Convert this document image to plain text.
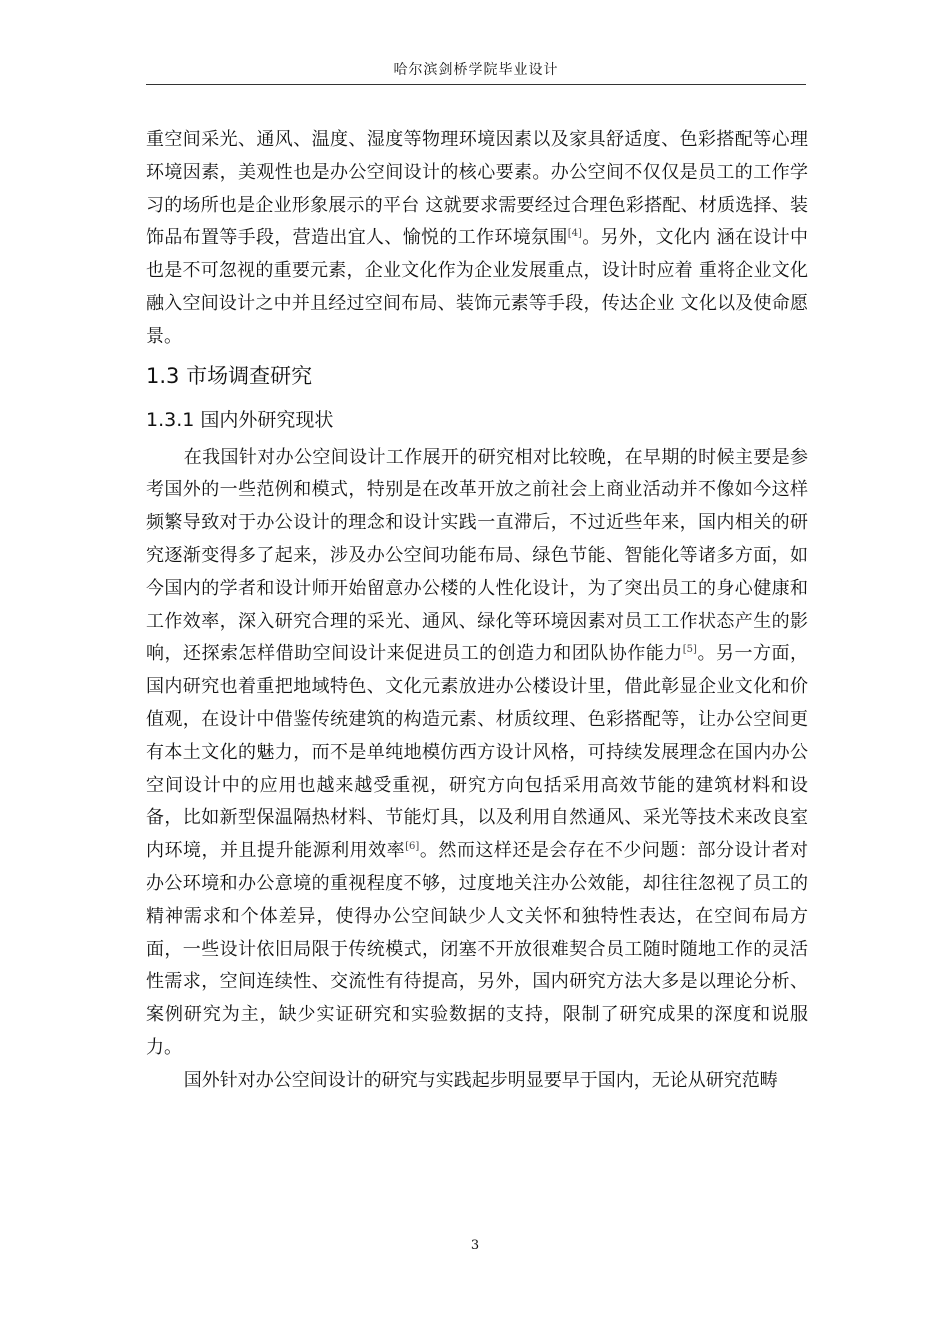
哈尔滨剑桥学院毕业设计

重空间采光、通风、温度、湿度等物理环境因素以及家具舒适度、色彩搭配等心理环境因素，美观性也是办公空间设计的核心要素。办公空间不仅仅是员工的工作学习的场所也是企业形象展示的平台 这就要求需要经过合理色彩搭配、材质选择、装饰品布置等手段，营造出宜人、愉悦的工作环境氛围[4]。另外，文化内 涵在设计中也是不可忽视的重要元素，企业文化作为企业发展重点，设计时应着 重将企业文化融入空间设计之中并且经过空间布局、装饰元素等手段，传达企业 文化以及使命愿景。

1.3 市场调查研究
1.3.1 国内外研究现状

在我国针对办公空间设计工作展开的研究相对比较晚，在早期的时候主要是参考国外的一些范例和模式，特别是在改革开放之前社会上商业活动并不像如今这样频繁导致对于办公设计的理念和设计实践一直滞后，不过近些年来，国内相关的研究逐渐变得多了起来，涉及办公空间功能布局、绿色节能、智能化等诸多方面，如今国内的学者和设计师开始留意办公楼的人性化设计，为了突出员工的身心健康和工作效率，深入研究合理的采光、通风、绿化等环境因素对员工工作状态产生的影响，还探索怎样借助空间设计来促进员工的创造力和团队协作能力[5]。另一方面，国内研究也着重把地域特色、文化元素放进办公楼设计里，借此彰显企业文化和价值观，在设计中借鉴传统建筑的构造元素、材质纹理、色彩搭配等，让办公空间更有本土文化的魅力，而不是单纯地模仿西方设计风格，可持续发展理念在国内办公空间设计中的应用也越来越受重视，研究方向包括采用高效节能的建筑材料和设备，比如新型保温隔热材料、节能灯具，以及利用自然通风、采光等技术来改良室内环境，并且提升能源利用效率[6]。然而这样还是会存在不少问题：部分设计者对办公环境和办公意境的重视程度不够，过度地关注办公效能，却往往忽视了员工的精神需求和个体差异，使得办公空间缺少人文关怀和独特性表达，在空间布局方面，一些设计依旧局限于传统模式，闭塞不开放很难契合员工随时随地工作的灵活性需求，空间连续性、交流性有待提高，另外，国内研究方法大多是以理论分析、案例研究为主，缺少实证研究和实验数据的支持，限制了研究成果的深度和说服力。

国外针对办公空间设计的研究与实践起步明显要早于国内，无论从研究范畴

3
